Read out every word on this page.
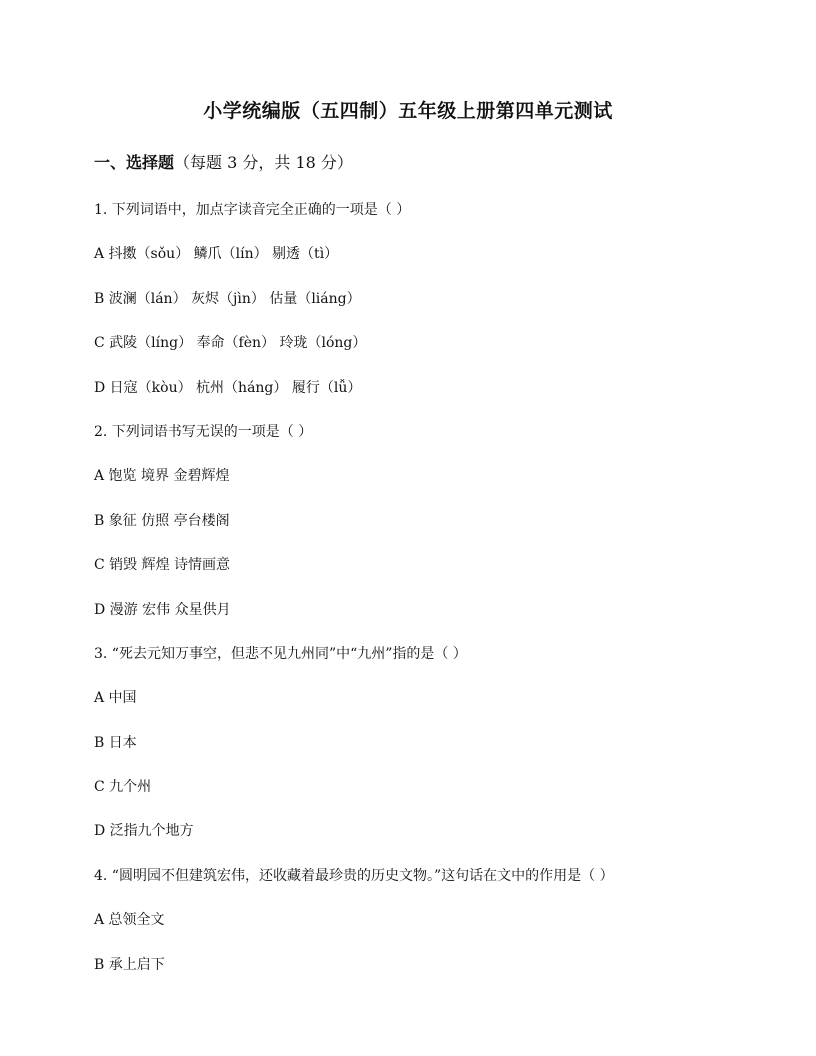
小学统编版（五四制）五年级上册第四单元测试
一、选择题（每题 3 分，共 18 分）
1. 下列词语中，加点字读音完全正确的一项是（ ）
A 抖擞（sǒu） 鳞爪（lín） 剔透（tì）
B 波澜（lán） 灰烬（jìn） 估量（liáng）
C 武陵（líng） 奉命（fèn） 玲珑（lóng）
D 日寇（kòu） 杭州（háng） 履行（lǚ）
2. 下列词语书写无误的一项是（ ）
A 饱览 境界 金碧辉煌
B 象征 仿照 亭台楼阁
C 销毁 辉煌 诗情画意
D 漫游 宏伟 众星供月
3. “死去元知万事空，但悲不见九州同”中“九州”指的是（ ）
A 中国
B 日本
C 九个州
D 泛指九个地方
4. “圆明园不但建筑宏伟，还收藏着最珍贵的历史文物。”这句话在文中的作用是（ ）
A 总领全文
B 承上启下
